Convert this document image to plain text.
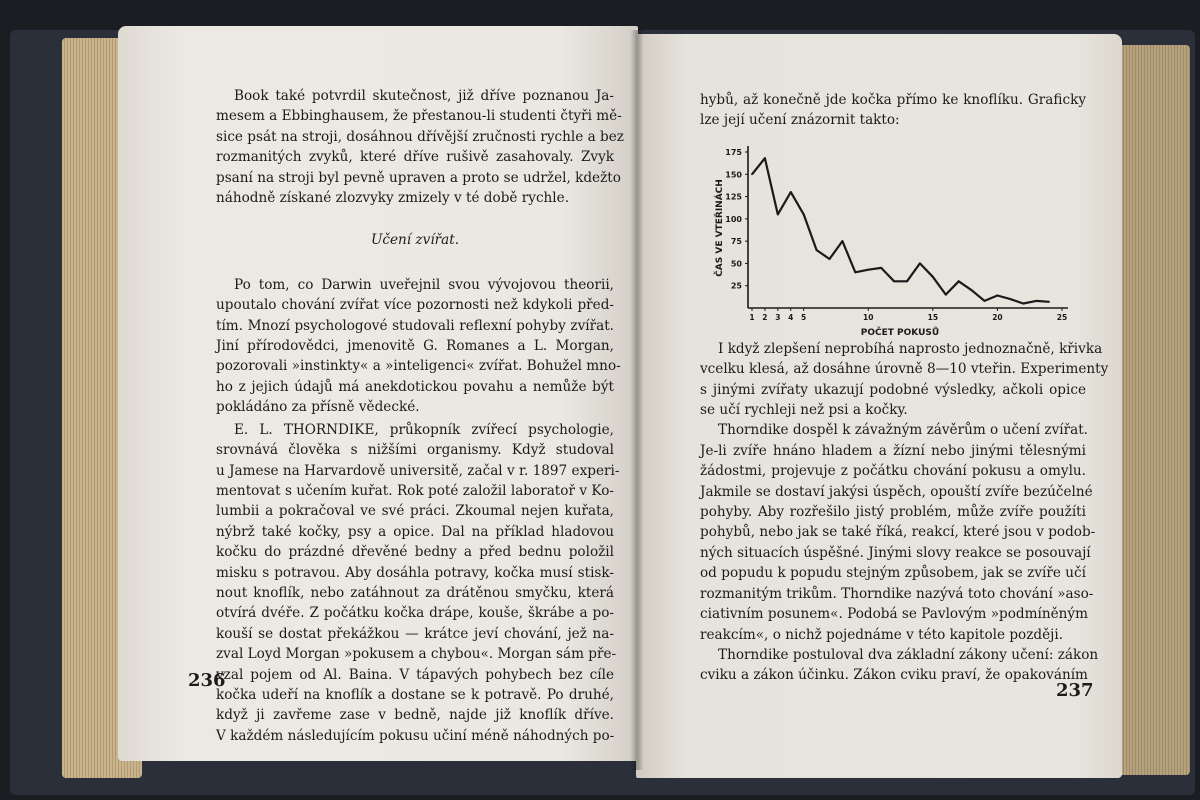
Book také potvrdil skutečnost, již dříve poznanou Ja-
mesem a Ebbinghausem, že přestanou-li studenti čtyři mě-
sice psát na stroji, dosáhnou dřívější zručnosti rychle a bez
rozmanitých zvyků, které dříve rušivě zasahovaly. Zvyk
psaní na stroji byl pevně upraven a proto se udržel, kdežto
náhodně získané zlozvyky zmizely v té době rychle.
Učení zvířat.
Po tom, co Darwin uveřejnil svou vývojovou theorii,
upoutalo chování zvířat více pozornosti než kdykoli před-
tím. Mnozí psychologové studovali reflexní pohyby zvířat.
Jiní přírodovědci, jmenovitě G. Romanes a L. Morgan,
pozorovali »instinkty« a »inteligenci« zvířat. Bohužel mno-
ho z jejich údajů má anekdotickou povahu a nemůže být
pokládáno za přísně vědecké.
E. L. THORNDIKE, průkopník zvířecí psychologie,
srovnává člověka s nižšími organismy. Když studoval
u Jamese na Harvardově universitě, začal v r. 1897 experi-
mentovat s učením kuřat. Rok poté založil laboratoř v Ko-
lumbii a pokračoval ve své práci. Zkoumal nejen kuřata,
nýbrž také kočky, psy a opice. Dal na příklad hladovou
kočku do prázdné dřevěné bedny a před bednu položil
misku s potravou. Aby dosáhla potravy, kočka musí stisk-
nout knoflík, nebo zatáhnout za drátěnou smyčku, která
otvírá dvéře. Z počátku kočka drápe, kouše, škrábe a po-
kouší se dostat překážkou — krátce jeví chování, jež na-
zval Loyd Morgan »pokusem a chybou«. Morgan sám pře-
vzal pojem od Al. Baina. V tápavých pohybech bez cíle
kočka udeří na knoflík a dostane se k potravě. Po druhé,
když ji zavřeme zase v bedně, najde již knoflík dříve.
V každém následujícím pokusu učiní méně náhodných po-
236
hybů, až konečně jde kočka přímo ke knoflíku. Graficky
lze její učení znázornit takto:
I když zlepšení neprobíhá naprosto jednoznačně, křivka
vcelku klesá, až dosáhne úrovně 8—10 vteřin. Experimenty
s jinými zvířaty ukazují podobné výsledky, ačkoli opice
se učí rychleji než psi a kočky.
Thorndike dospěl k závažným závěrům o učení zvířat.
Je-li zvíře hnáno hladem a žízní nebo jinými tělesnými
žádostmi, projevuje z počátku chování pokusu a omylu.
Jakmile se dostaví jakýsi úspěch, opouští zvíře bezúčelné
pohyby. Aby rozřešilo jistý problém, může zvíře použíti
pohybů, nebo jak se také říká, reakcí, které jsou v podob-
ných situacích úspěšné. Jinými slovy reakce se posouvají
od popudu k popudu stejným způsobem, jak se zvíře učí
rozmanitým trikům. Thorndike nazývá toto chování »aso-
ciativním posunem«. Podobá se Pavlovým »podmíněným
reakcím«, o nichž pojednáme v této kapitole později.
Thorndike postuloval dva základní zákony učení: zákon
cviku a zákon účinku. Zákon cviku praví, že opakováním
175
150
125
100
75
50
25
1 2 3 4 5	10	15	20	25
ČAS VE VTEŘINÁCH
POČET POKUSŮ
237
